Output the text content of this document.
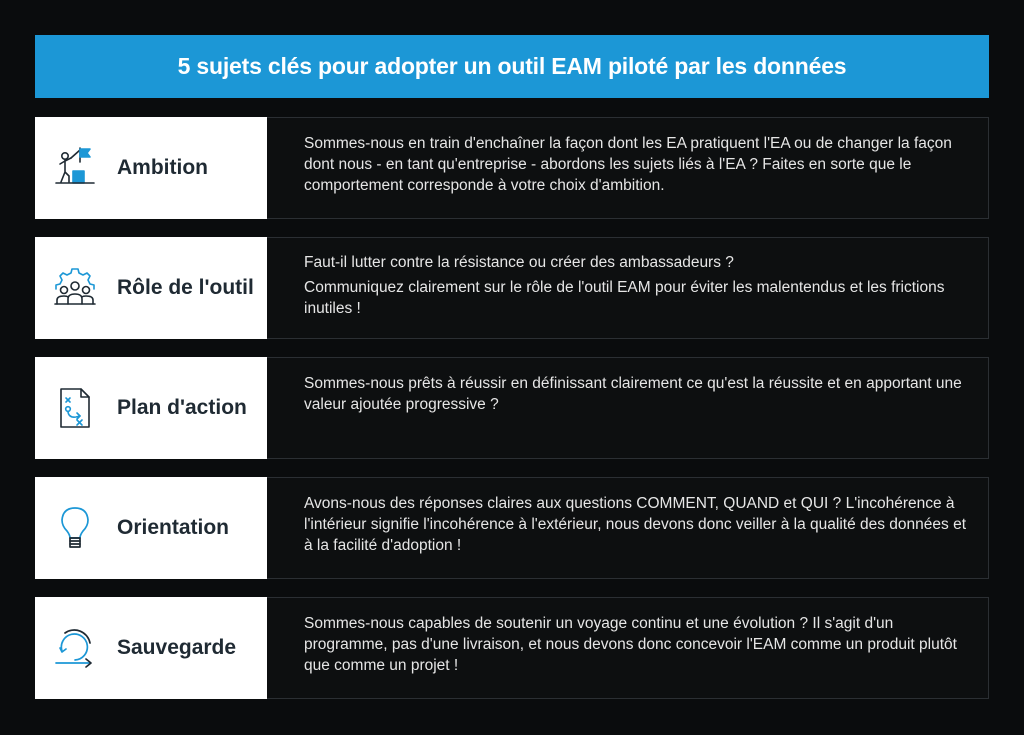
5 sujets clés pour adopter un outil EAM piloté par les données
Ambition

Sommes-nous en train d'enchaîner la façon dont les EA pratiquent l'EA ou de changer la façon dont nous - en tant qu'entreprise - abordons les sujets liés à l'EA ? Faites en sorte que le comportement corresponde à votre choix d'ambition.

Rôle de l'outil

Faut-il lutter contre la résistance ou créer des ambassadeurs ?

Communiquez clairement sur le rôle de l'outil EAM pour éviter les malentendus et les frictions inutiles !

Plan d'action

Sommes-nous prêts à réussir en définissant clairement ce qu'est la réussite et en apportant une valeur ajoutée progressive ?

Orientation

Avons-nous des réponses claires aux questions COMMENT, QUAND et QUI ? L'incohérence à l'intérieur signifie l'incohérence à l'extérieur, nous devons donc veiller à la qualité des données et à la facilité d'adoption !

Sauvegarde

Sommes-nous capables de soutenir un voyage continu et une évolution ? Il s'agit d'un programme, pas d'une livraison, et nous devons donc concevoir l'EAM comme un produit plutôt que comme un projet !
